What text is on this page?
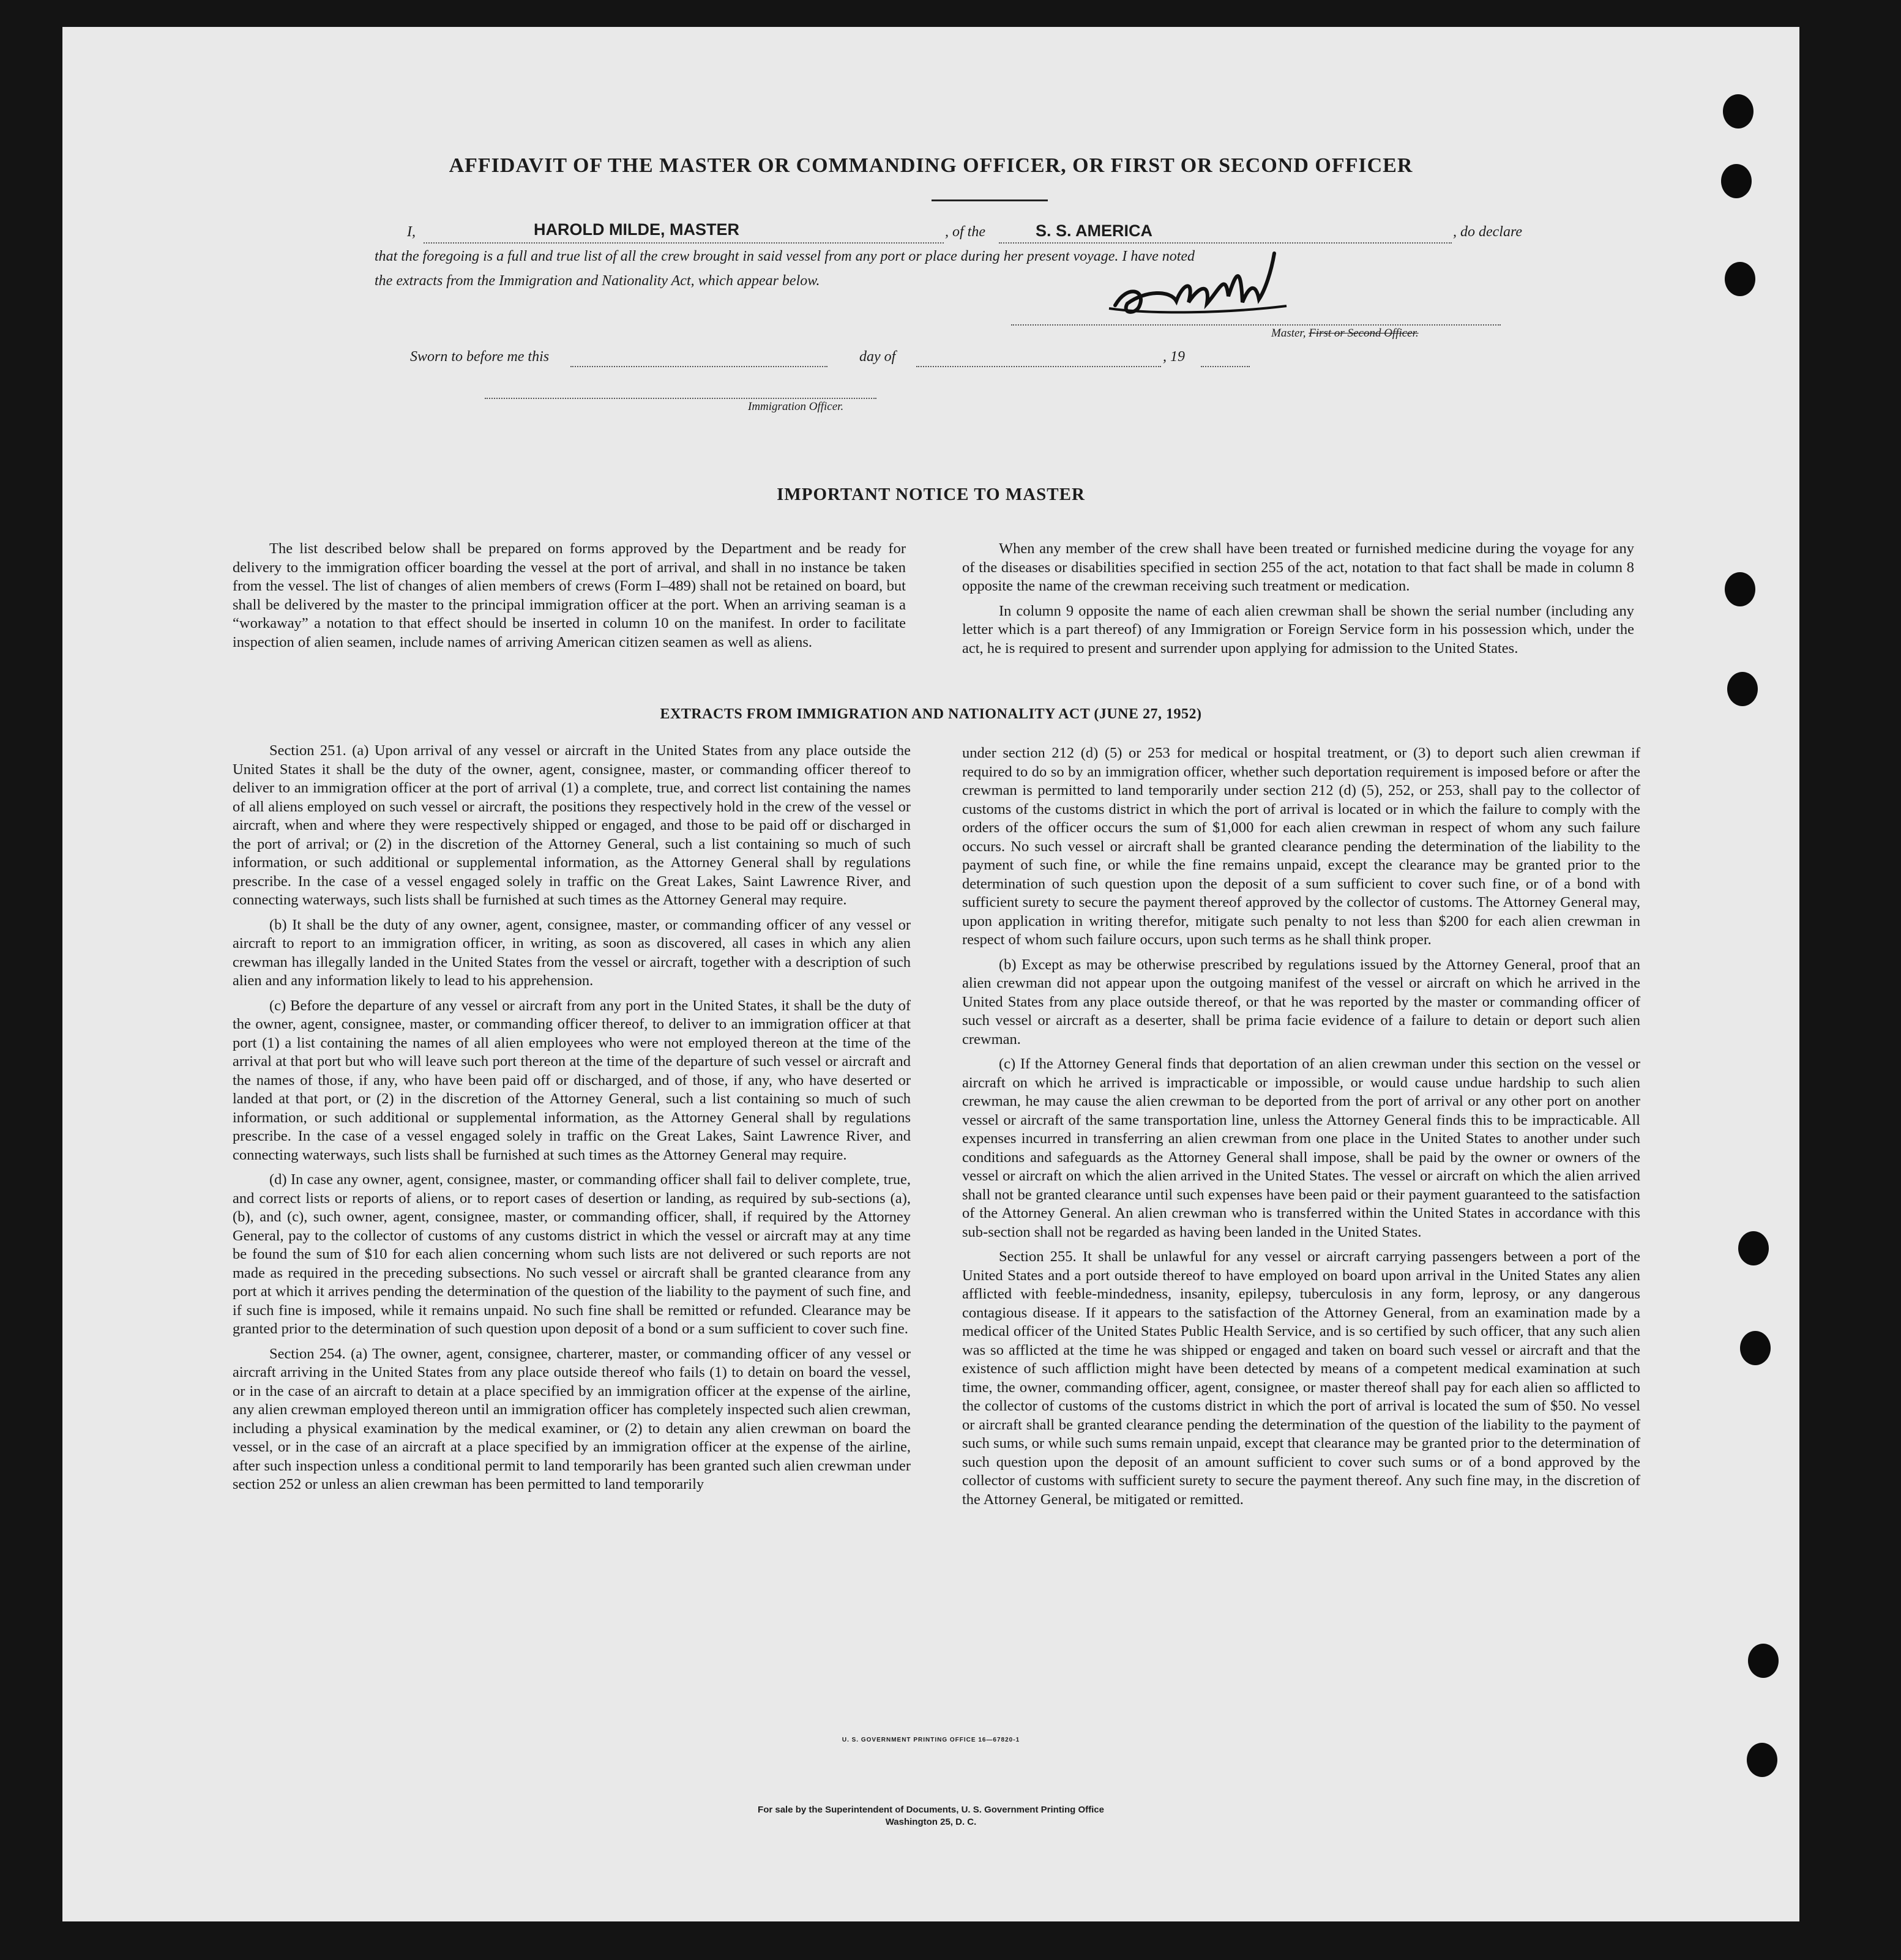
AFFIDAVIT OF THE MASTER OR COMMANDING OFFICER, OR FIRST OR SECOND OFFICER
I,	HAROLD MILDE, MASTER	, of the	S. S. AMERICA	, do declare
that the foregoing is a full and true list of all the crew brought in said vessel from any port or place during her present voyage. I have noted
the extracts from the Immigration and Nationality Act, which appear below.
Master, First or Second Officer.
Sworn to before me this	day of	, 19
Immigration Officer.
IMPORTANT NOTICE TO MASTER

The list described below shall be prepared on forms approved by the Department and be ready for delivery to the immigration officer boarding the vessel at the port of arrival, and shall in no instance be taken from the vessel. The list of changes of alien members of crews (Form I–489) shall not be retained on board, but shall be delivered by the master to the principal immigration officer at the port. When an arriving seaman is a “workaway” a notation to that effect should be inserted in column 10 on the manifest. In order to facilitate inspection of alien seamen, include names of arriving American citizen seamen as well as aliens.

When any member of the crew shall have been treated or furnished medicine during the voyage for any of the diseases or disabilities specified in section 255 of the act, notation to that fact shall be made in column 8 opposite the name of the crewman receiving such treatment or medication.

In column 9 opposite the name of each alien crewman shall be shown the serial number (including any letter which is a part thereof) of any Immigration or Foreign Service form in his possession which, under the act, he is required to present and surrender upon applying for admission to the United States.

EXTRACTS FROM IMMIGRATION AND NATIONALITY ACT (JUNE 27, 1952)

Section 251. (a) Upon arrival of any vessel or aircraft in the United States from any place outside the United States it shall be the duty of the owner, agent, consignee, master, or commanding officer thereof to deliver to an immigration officer at the port of arrival (1) a complete, true, and correct list containing the names of all aliens employed on such vessel or aircraft, the positions they respectively hold in the crew of the vessel or aircraft, when and where they were respectively shipped or engaged, and those to be paid off or discharged in the port of arrival; or (2) in the discretion of the Attorney General, such a list containing so much of such information, or such additional or supplemental information, as the Attorney General shall by regulations prescribe. In the case of a vessel engaged solely in traffic on the Great Lakes, Saint Lawrence River, and connecting waterways, such lists shall be furnished at such times as the Attorney General may require.

(b) It shall be the duty of any owner, agent, consignee, master, or commanding officer of any vessel or aircraft to report to an immigration officer, in writing, as soon as discovered, all cases in which any alien crewman has illegally landed in the United States from the vessel or aircraft, together with a description of such alien and any information likely to lead to his apprehension.

(c) Before the departure of any vessel or aircraft from any port in the United States, it shall be the duty of the owner, agent, consignee, master, or commanding officer thereof, to deliver to an immigration officer at that port (1) a list containing the names of all alien employees who were not employed thereon at the time of the arrival at that port but who will leave such port thereon at the time of the departure of such vessel or aircraft and the names of those, if any, who have been paid off or discharged, and of those, if any, who have deserted or landed at that port, or (2) in the discretion of the Attorney General, such a list containing so much of such information, or such additional or supplemental information, as the Attorney General shall by regulations prescribe. In the case of a vessel engaged solely in traffic on the Great Lakes, Saint Lawrence River, and connecting waterways, such lists shall be furnished at such times as the Attorney General may require.

(d) In case any owner, agent, consignee, master, or commanding officer shall fail to deliver complete, true, and correct lists or reports of aliens, or to report cases of desertion or landing, as required by sub-sections (a), (b), and (c), such owner, agent, consignee, master, or commanding officer, shall, if required by the Attorney General, pay to the collector of customs of any customs district in which the vessel or aircraft may at any time be found the sum of $10 for each alien concerning whom such lists are not delivered or such reports are not made as required in the preceding subsections. No such vessel or aircraft shall be granted clearance from any port at which it arrives pending the determination of the question of the liability to the payment of such fine, and if such fine is imposed, while it remains unpaid. No such fine shall be remitted or refunded. Clearance may be granted prior to the determination of such question upon deposit of a bond or a sum sufficient to cover such fine.

Section 254. (a) The owner, agent, consignee, charterer, master, or commanding officer of any vessel or aircraft arriving in the United States from any place outside thereof who fails (1) to detain on board the vessel, or in the case of an aircraft to detain at a place specified by an immigration officer at the expense of the airline, any alien crewman employed thereon until an immigration officer has completely inspected such alien crewman, including a physical examination by the medical examiner, or (2) to detain any alien crewman on board the vessel, or in the case of an aircraft at a place specified by an immigration officer at the expense of the airline, after such inspection unless a conditional permit to land temporarily has been granted such alien crewman under section 252 or unless an alien crewman has been permitted to land temporarily

under section 212 (d) (5) or 253 for medical or hospital treatment, or (3) to deport such alien crewman if required to do so by an immigration officer, whether such deportation requirement is imposed before or after the crewman is permitted to land temporarily under section 212 (d) (5), 252, or 253, shall pay to the collector of customs of the customs district in which the port of arrival is located or in which the failure to comply with the orders of the officer occurs the sum of $1,000 for each alien crewman in respect of whom any such failure occurs. No such vessel or aircraft shall be granted clearance pending the determination of the liability to the payment of such fine, or while the fine remains unpaid, except the clearance may be granted prior to the determination of such question upon the deposit of a sum sufficient to cover such fine, or of a bond with sufficient surety to secure the payment thereof approved by the collector of customs. The Attorney General may, upon application in writing therefor, mitigate such penalty to not less than $200 for each alien crewman in respect of whom such failure occurs, upon such terms as he shall think proper.

(b) Except as may be otherwise prescribed by regulations issued by the Attorney General, proof that an alien crewman did not appear upon the outgoing manifest of the vessel or aircraft on which he arrived in the United States from any place outside thereof, or that he was reported by the master or commanding officer of such vessel or aircraft as a deserter, shall be prima facie evidence of a failure to detain or deport such alien crewman.

(c) If the Attorney General finds that deportation of an alien crewman under this section on the vessel or aircraft on which he arrived is impracticable or impossible, or would cause undue hardship to such alien crewman, he may cause the alien crewman to be deported from the port of arrival or any other port on another vessel or aircraft of the same transportation line, unless the Attorney General finds this to be impracticable. All expenses incurred in transferring an alien crewman from one place in the United States to another under such conditions and safeguards as the Attorney General shall impose, shall be paid by the owner or owners of the vessel or aircraft on which the alien arrived in the United States. The vessel or aircraft on which the alien arrived shall not be granted clearance until such expenses have been paid or their payment guaranteed to the satisfaction of the Attorney General. An alien crewman who is transferred within the United States in accordance with this sub-section shall not be regarded as having been landed in the United States.

Section 255. It shall be unlawful for any vessel or aircraft carrying passengers between a port of the United States and a port outside thereof to have employed on board upon arrival in the United States any alien afflicted with feeble-mindedness, insanity, epilepsy, tuberculosis in any form, leprosy, or any dangerous contagious disease. If it appears to the satisfaction of the Attorney General, from an examination made by a medical officer of the United States Public Health Service, and is so certified by such officer, that any such alien was so afflicted at the time he was shipped or engaged and taken on board such vessel or aircraft and that the existence of such affliction might have been detected by means of a competent medical examination at such time, the owner, commanding officer, agent, consignee, or master thereof shall pay for each alien so afflicted to the collector of customs of the customs district in which the port of arrival is located the sum of $50. No vessel or aircraft shall be granted clearance pending the determination of the question of the liability to the payment of such sums, or while such sums remain unpaid, except that clearance may be granted prior to the determination of such question upon the deposit of an amount sufficient to cover such sums or of a bond approved by the collector of customs with sufficient surety to secure the payment thereof. Any such fine may, in the discretion of the Attorney General, be mitigated or remitted.

U. S. GOVERNMENT PRINTING OFFICE 16—67820-1
For sale by the Superintendent of Documents, U. S. Government Printing Office
Washington 25, D. C.
